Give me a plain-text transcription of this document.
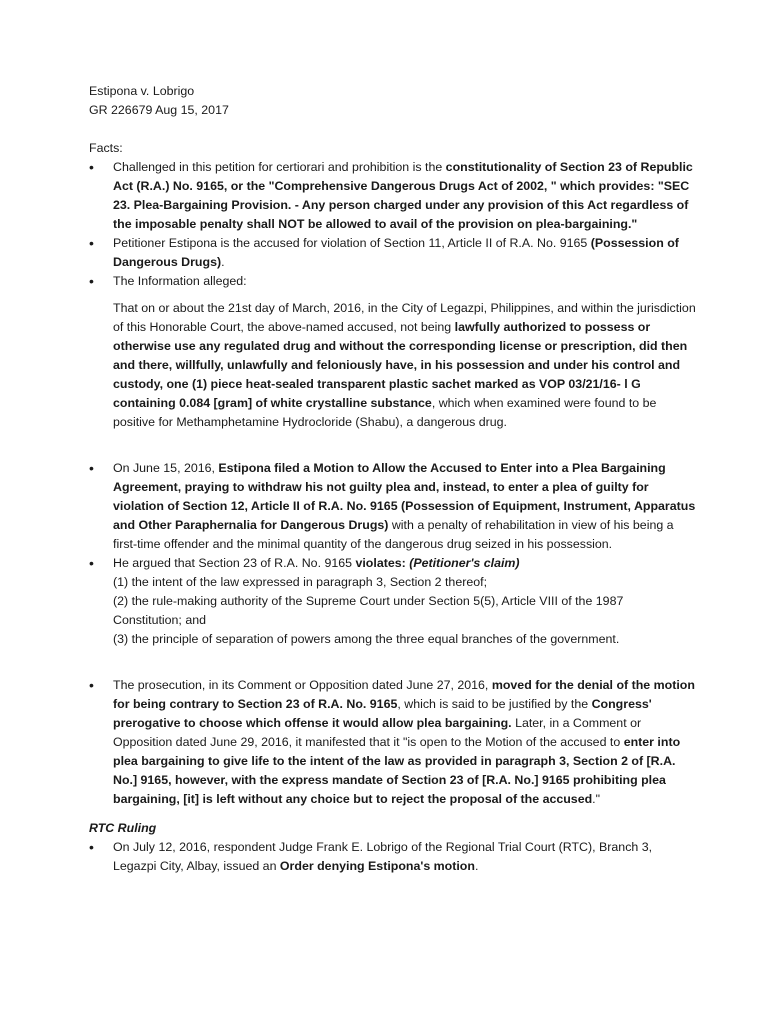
Estipona v. Lobrigo
GR 226679 Aug 15, 2017
Facts:
• Challenged in this petition for certiorari and prohibition is the constitutionality of Section 23 of Republic Act (R.A.) No. 9165, or the "Comprehensive Dangerous Drugs Act of 2002, " which provides: "SEC 23. Plea-Bargaining Provision. - Any person charged under any provision of this Act regardless of the imposable penalty shall NOT be allowed to avail of the provision on plea-bargaining."
• Petitioner Estipona is the accused for violation of Section 11, Article II of R.A. No. 9165 (Possession of Dangerous Drugs).
• The Information alleged:
That on or about the 21st day of March, 2016, in the City of Legazpi, Philippines, and within the jurisdiction of this Honorable Court, the above-named accused, not being lawfully authorized to possess or otherwise use any regulated drug and without the corresponding license or prescription, did then and there, willfully, unlawfully and feloniously have, in his possession and under his control and custody, one (1) piece heat-sealed transparent plastic sachet marked as VOP 03/21/16- l G containing 0.084 [gram] of white crystalline substance, which when examined were found to be positive for Methamphetamine Hydrocloride (Shabu), a dangerous drug.
• On June 15, 2016, Estipona filed a Motion to Allow the Accused to Enter into a Plea Bargaining Agreement, praying to withdraw his not guilty plea and, instead, to enter a plea of guilty for violation of Section 12, Article II of R.A. No. 9165 (Possession of Equipment, Instrument, Apparatus and Other Paraphernalia for Dangerous Drugs) with a penalty of rehabilitation in view of his being a first-time offender and the minimal quantity of the dangerous drug seized in his possession.
• He argued that Section 23 of R.A. No. 9165 violates: (Petitioner's claim)
(1) the intent of the law expressed in paragraph 3, Section 2 thereof;
(2) the rule-making authority of the Supreme Court under Section 5(5), Article VIII of the 1987
Constitution; and
(3) the principle of separation of powers among the three equal branches of the government.
• The prosecution, in its Comment or Opposition dated June 27, 2016, moved for the denial of the motion for being contrary to Section 23 of R.A. No. 9165, which is said to be justified by the Congress' prerogative to choose which offense it would allow plea bargaining. Later, in a Comment or Opposition dated June 29, 2016, it manifested that it "is open to the Motion of the accused to enter into plea bargaining to give life to the intent of the law as provided in paragraph 3, Section 2 of [R.A. No.] 9165, however, with the express mandate of Section 23 of [R.A. No.] 9165 prohibiting plea bargaining, [it] is left without any choice but to reject the proposal of the accused."
RTC Ruling
• On July 12, 2016, respondent Judge Frank E. Lobrigo of the Regional Trial Court (RTC), Branch 3, Legazpi City, Albay, issued an Order denying Estipona's motion.
